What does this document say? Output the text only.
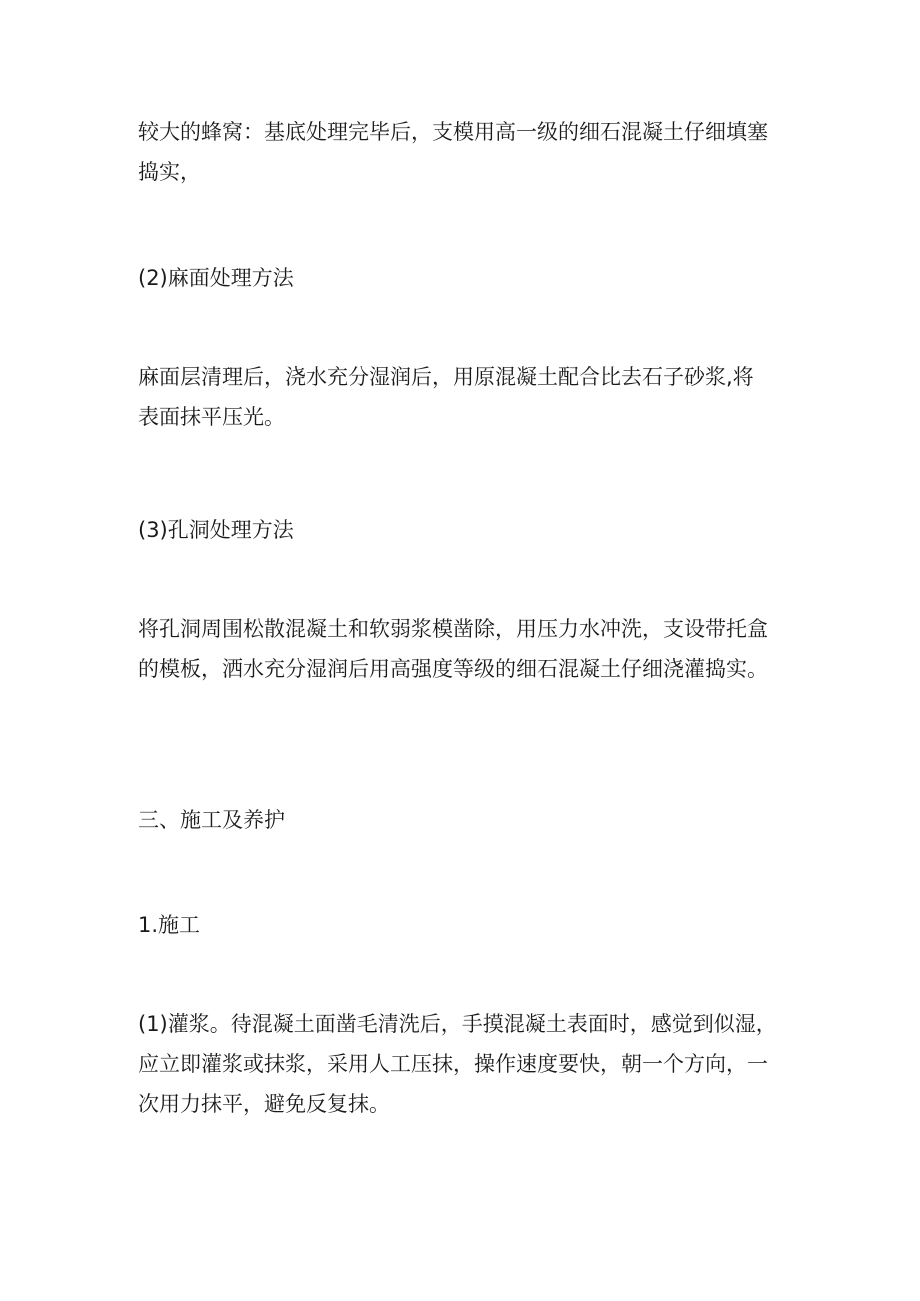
较大的蜂窝：基底处理完毕后，支模用高一级的细石混凝土仔细填塞
捣实，
(2)麻面处理方法
麻面层清理后，浇水充分湿润后，用原混凝土配合比去石子砂浆,将
表面抹平压光。
(3)孔洞处理方法
将孔洞周围松散混凝土和软弱浆模凿除，用压力水冲洗，支设带托盒
的模板，洒水充分湿润后用高强度等级的细石混凝土仔细浇灌捣实。
三、施工及养护
1.施工
(1)灌浆。待混凝土面凿毛清洗后，手摸混凝土表面时，感觉到似湿，
应立即灌浆或抹浆，采用人工压抹，操作速度要快，朝一个方向，一
次用力抹平，避免反复抹。
